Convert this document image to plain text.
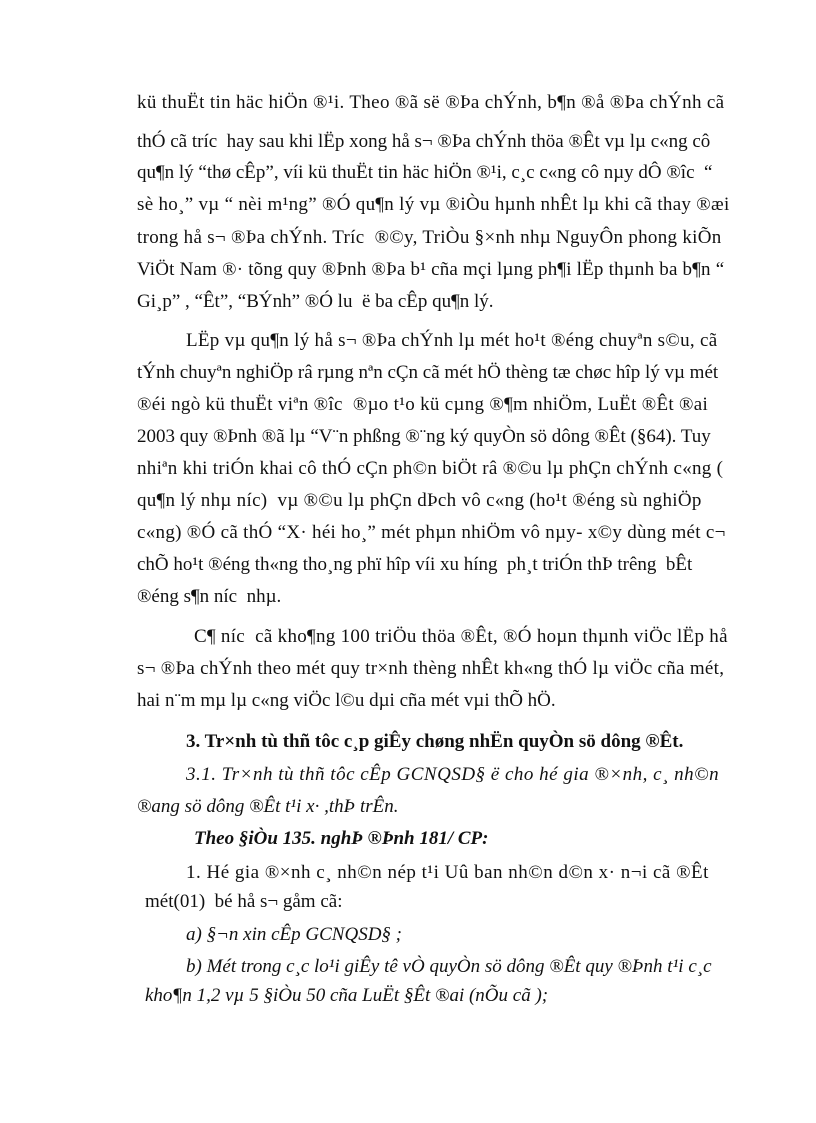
kü thuËt tin häc hiÖn ®¹i. Theo ®ã së ®Þa chÝnh, b¶n ®å ®Þa chÝnh cã
thÓ cã tríc  hay sau khi lËp xong hå s¬ ®Þa chÝnh thöa ®Êt vµ lµ c«ng cô
qu¶n lý “thø cÊp”, víi kü thuËt tin häc hiÖn ®¹i, c¸c c«ng cô nµy dÔ ®îc  “
sè ho¸” vµ “ nèi m¹ng” ®Ó qu¶n lý vµ ®iÒu hµnh nhÊt lµ khi cã thay ®æi
trong hå s¬ ®Þa chÝnh. Tríc  ®©y, TriÒu §×nh nhµ NguyÔn phong kiÕn
ViÖt Nam ®· tõng quy ®Þnh ®Þa b¹ cña mçi lµng ph¶i lËp thµnh ba b¶n “
Gi¸p” , “Êt”, “BÝnh” ®Ó lu  ë ba cÊp qu¶n lý.
LËp vµ qu¶n lý hå s¬ ®Þa chÝnh lµ mét ho¹t ®éng chuyªn s©u, cã
tÝnh chuyªn nghiÖp râ rµng nªn cÇn cã mét hÖ thèng tæ chøc hîp lý vµ mét
®éi ngò kü thuËt viªn ®îc  ®µo t¹o kü cµng ®¶m nhiÖm, LuËt ®Êt ®ai
2003 quy ®Þnh ®ã lµ “V¨n phßng ®¨ng ký quyÒn sö dông ®Êt (§64). Tuy
nhiªn khi triÓn khai cô thÓ cÇn ph©n biÖt râ ®©u lµ phÇn chÝnh c«ng (
qu¶n lý nhµ níc)  vµ ®©u lµ phÇn dÞch vô c«ng (ho¹t ®éng sù nghiÖp
c«ng) ®Ó cã thÓ “X· héi ho¸” mét phµn nhiÖm vô nµy- x©y dùng mét c¬
chÕ ho¹t ®éng th«ng tho¸ng phï hîp víi xu híng  ph¸t triÓn thÞ trêng  bÊt
®éng s¶n níc  nhµ.
C¶ níc  cã kho¶ng 100 triÖu thöa ®Êt, ®Ó hoµn thµnh viÖc lËp hå
s¬ ®Þa chÝnh theo mét quy tr×nh thèng nhÊt kh«ng thÓ lµ viÖc cña mét,
hai n¨m mµ lµ c«ng viÖc l©u dµi cña mét vµi thÕ hÖ.
3. Tr×nh tù thñ tôc c¸p giÊy chøng nhËn quyÒn sö dông ®Êt.
3.1. Tr×nh tù thñ tôc cÊp GCNQSD§ ë cho hé gia ®×nh, c¸ nh©n
®ang sö dông ®Êt t¹i x· ,thÞ trÊn.
Theo §iÒu 135. nghÞ ®Þnh 181/ CP:
1. Hé gia ®×nh c¸ nh©n nép t¹i Uû ban nh©n d©n x· n¬i cã ®Êt
mét(01)  bé hå s¬ gåm cã:
a) §¬n xin cÊp GCNQSD§ ;
b) Mét trong c¸c lo¹i giÊy tê vÒ quyÒn sö dông ®Êt quy ®Þnh t¹i c¸c
kho¶n 1,2 vµ 5 §iÒu 50 cña LuËt §Êt ®ai (nÕu cã );
